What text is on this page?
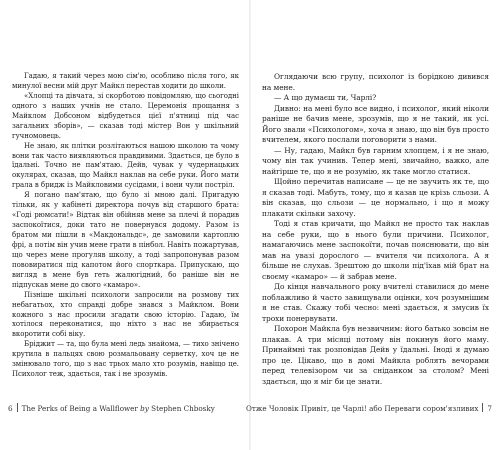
Гадаю, я такий через мою сім'ю, особливо після того, як минулої весни мій друг Майкл перестав ходити до школи.

«Хлопці та дівчата, зі скорботою повідомляю, що сьогодні одного з наших учнів не стало. Церемонія прощання з Майклом Добсоном відбудеться цієї п'ятниці під час загальних зборів», — сказав тоді містер Вон у шкільний гучномовець.

Не знаю, як плітки розлітаються нашою школою та чому вони так часто виявляються правдивими. Здається, це було в їдальні. Точно не пам'ятаю. Дейв, чувак у чудернацьких окулярах, сказав, що Майкл наклав на себе руки. Його мати грала в бридж із Майкловими сусідами, і вони чули постріл.

Я погано пам'ятаю, що було зі мною далі. Пригадую тільки, як у кабінеті директора почув від старшого брата: «Годі рюмсати!» Відтак він обійняв мене за плечі й порадив заспокоїтися, доки тато не повернувся додому. Разом із братом ми пішли в «Макдональдс», де замовили картоплю фрі, а потім він учив мене грати в пінбол. Навіть пожартував, що через мене прогуляв школу, а тоді запропонував разом пововиратися під капотом його спорткара. Припускаю, що вигляд в мене був геть жалюгідний, бо раніше він не підпускав мене до свого «камаро».

Пізніше шкільні психологи запросили на розмову тих небагатьох, хто справді добре знався з Майклом. Вони кожного з нас просили згадати свою історію. Гадаю, їм хотілося переконатися, що ніхто з нас не збирається вкоротити собі віку.

Бріджит — та, що була мені ледь знайома, — тихо знічено крутила в пальцях свою розмальовану серветку, хоч це не змінювало того, що з нас трьох мало хто розумів, навіщо це. Психолог теж, здається, так і не зрозумів.

6 The Perks of Being a Wallflower by Stephen Chbosky

Оглядаючи всю групу, психолог із борідкою дивився на мене.

— А що думаєш ти, Чарлі?

Дивно: на мені було все видно, і психолог, який ніколи раніше не бачив мене, зрозумів, що я не такий, як усі. Його звали «Психологом», хоча я знаю, що він був просто вчителем, якого послали поговорити з нами.

— Ну, гадаю, Майкл був гарним хлопцем, і я не знаю, чому він так учинив. Тепер мені, звичайно, важко, але найгірше те, що я не розумію, як таке могло статися.

Щойно перечитав написане — це не звучить як те, що я сказав тоді. Мабуть, тому, що я казав це крізь сльози. А він сказав, що сльози — це нормально, і що я можу плакати скільки захочу.

Тоді я став кричати, що Майкл не просто так наклав на себе руки, що в нього були причини. Психолог, намагаючись мене заспокоїти, почав пояснювати, що він мав на увазі дорослого — вчителя чи психолога. А я більше не слухав. Зрештою до школи під'їхав мій брат на своєму «камаро» — й забрав мене.

До кінця навчального року вчителі ставилися до мене поблажливо й часто завищували оцінки, хоч розумнішим я не став. Скажу тобі чесно: мені здається, я змусив їх трохи понервувати.

Похорон Майкла був незвичним: його батько зовсім не плакав. А три місяці потому він покинув його маму. Принаймні так розповідав Дейв у їдальні. Іноді я думаю про це. Цікаво, що в домі Майкла роблять вечорами перед телевізором чи за сніданком за столом? Мені здається, що я міг би це знати.

Отже Чоловік Привіт, це Чарлі! або Переваги сором'язливих 7
